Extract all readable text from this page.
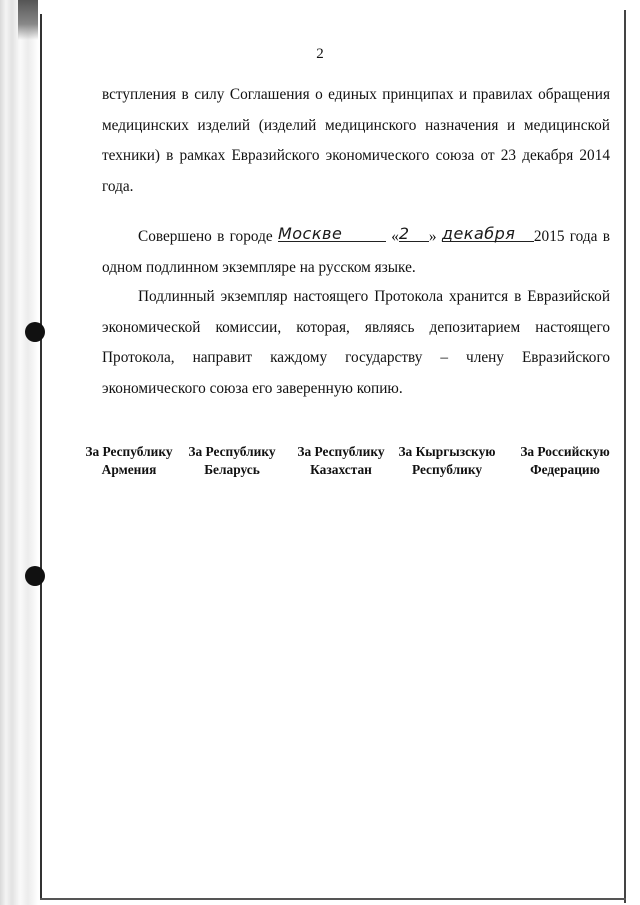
2
вступления в силу Соглашения о единых принципах и правилах обращения медицинских изделий (изделий медицинского назначения и медицинской техники) в рамках Евразийского экономического союза от 23 декабря 2014 года.
Совершено в городе Москве	«2 » декабря 2015 года в одном подлинном экземпляре на русском языке.
Подлинный экземпляр настоящего Протокола хранится в Евразийской экономической комиссии, которая, являясь депозитарием настоящего Протокола, направит каждому государству – члену Евразийского экономического союза его заверенную копию.
За Республику
Армения
За Республику
Беларусь
За Республику
Казахстан
За Кыргызскую
Республику
За Российскую
Федерацию
